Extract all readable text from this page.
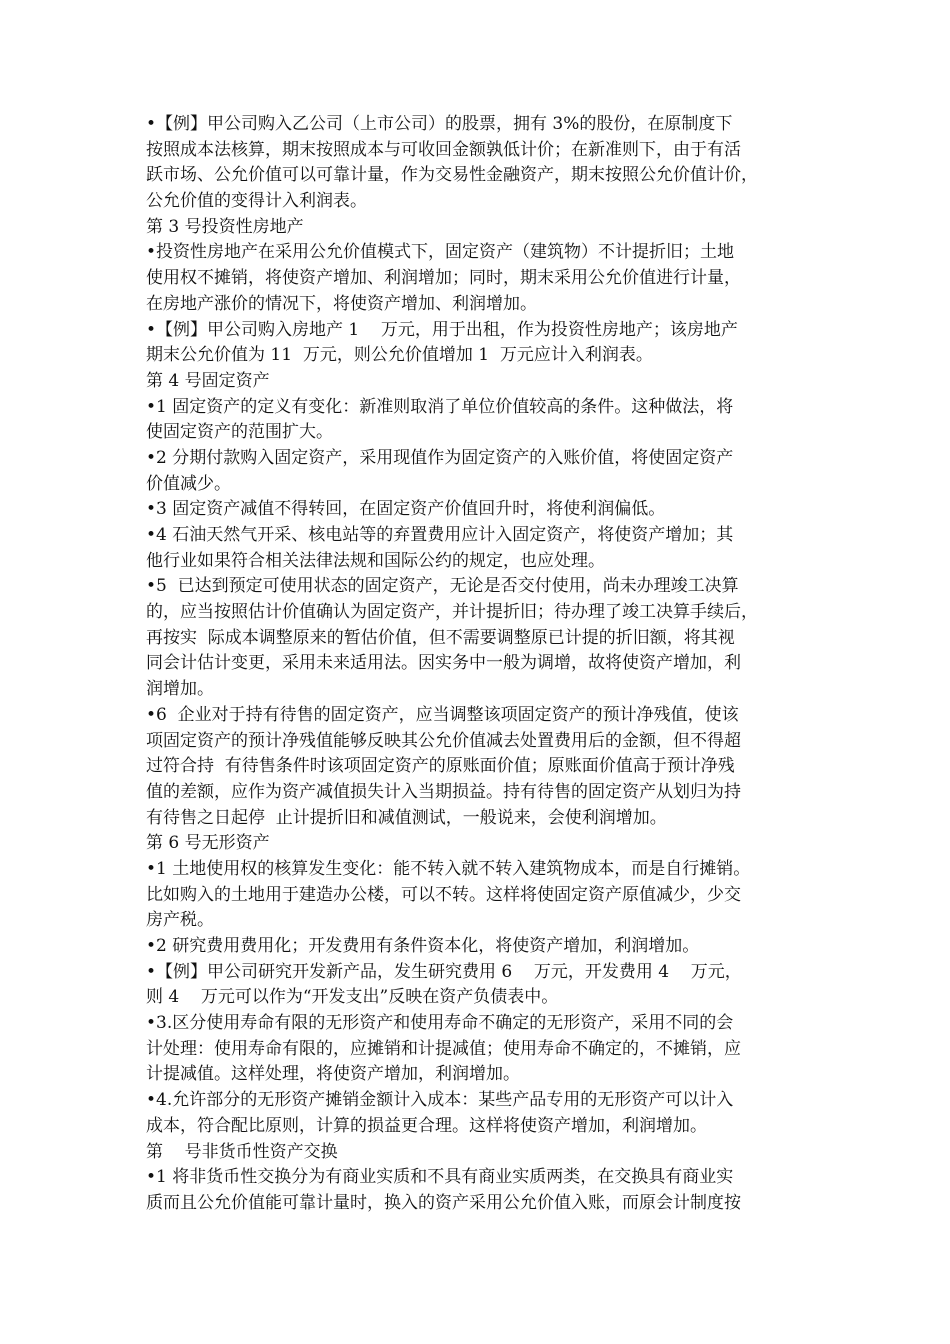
•【例】甲公司购入乙公司（上市公司）的股票，拥有 3%的股份，在原制度下
按照成本法核算，期末按照成本与可收回金额孰低计价；在新准则下，由于有活
跃市场、公允价值可以可靠计量，作为交易性金融资产，期末按照公允价值计价，
公允价值的变得计入利润表。
第 3 号投资性房地产
•投资性房地产在采用公允价值模式下，固定资产（建筑物）不计提折旧；土地
使用权不摊销，将使资产增加、利润增加；同时，期末采用公允价值进行计量，
在房地产涨价的情况下，将使资产增加、利润增加。
•【例】甲公司购入房地产 1    万元，用于出租，作为投资性房地产；该房地产
期末公允价值为 11  万元，则公允价值增加 1  万元应计入利润表。
第 4 号固定资产
•1 固定资产的定义有变化：新准则取消了单位价值较高的条件。这种做法，将
使固定资产的范围扩大。
•2 分期付款购入固定资产，采用现值作为固定资产的入账价值，将使固定资产
价值减少。
•3 固定资产减值不得转回，在固定资产价值回升时，将使利润偏低。
•4 石油天然气开采、核电站等的弃置费用应计入固定资产，将使资产增加；其
他行业如果符合相关法律法规和国际公约的规定，也应处理。
•5  已达到预定可使用状态的固定资产，无论是否交付使用，尚未办理竣工决算
的，应当按照估计价值确认为固定资产，并计提折旧；待办理了竣工决算手续后，
再按实  际成本调整原来的暂估价值，但不需要调整原已计提的折旧额，将其视
同会计估计变更，采用未来适用法。因实务中一般为调增，故将使资产增加，利
润增加。
•6  企业对于持有待售的固定资产，应当调整该项固定资产的预计净残值，使该
项固定资产的预计净残值能够反映其公允价值减去处置费用后的金额，但不得超
过符合持  有待售条件时该项固定资产的原账面价值；原账面价值高于预计净残
值的差额，应作为资产减值损失计入当期损益。持有待售的固定资产从划归为持
有待售之日起停  止计提折旧和减值测试，一般说来，会使利润增加。
第 6 号无形资产
•1 土地使用权的核算发生变化：能不转入就不转入建筑物成本，而是自行摊销。
比如购入的土地用于建造办公楼，可以不转。这样将使固定资产原值减少，少交
房产税。
•2 研究费用费用化；开发费用有条件资本化，将使资产增加，利润增加。
•【例】甲公司研究开发新产品，发生研究费用 6    万元，开发费用 4    万元，
则 4    万元可以作为“开发支出”反映在资产负债表中。
•3.区分使用寿命有限的无形资产和使用寿命不确定的无形资产，采用不同的会
计处理：使用寿命有限的，应摊销和计提减值；使用寿命不确定的，不摊销，应
计提减值。这样处理，将使资产增加，利润增加。
•4.允许部分的无形资产摊销金额计入成本：某些产品专用的无形资产可以计入
成本，符合配比原则，计算的损益更合理。这样将使资产增加，利润增加。
第    号非货币性资产交换
•1 将非货币性交换分为有商业实质和不具有商业实质两类，在交换具有商业实
质而且公允价值能可靠计量时，换入的资产采用公允价值入账，而原会计制度按
